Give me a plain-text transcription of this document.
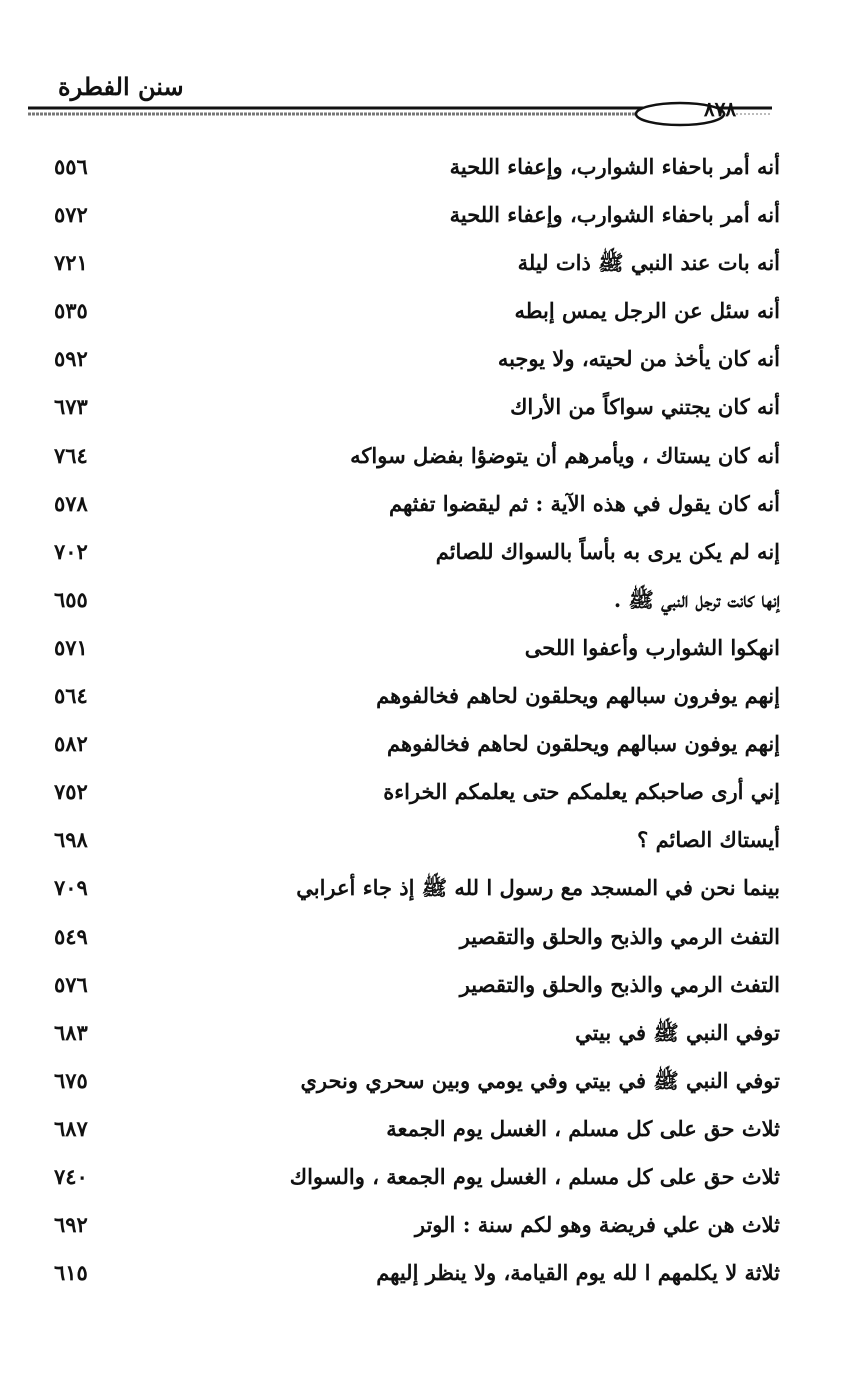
سنن الفطرة
٨٧٨
أنه أمر باحفاء الشوارب، وإعفاء اللحية
٥٥٦
أنه أمر باحفاء الشوارب، وإعفاء اللحية
٥٧٢
أنه بات عند النبي ﷺ ذات ليلة
٧٢١
أنه سئل عن الرجل يمس إبطه
٥٣٥
أنه كان يأخذ من لحيته، ولا يوجبه
٥٩٢
أنه كان يجتني سواكاً من الأراك
٦٧٣
أنه كان يستاك ، ويأمرهم أن يتوضؤا بفضل سواكه
٧٦٤
أنه كان يقول في هذه الآية : ثم ليقضوا تفثهم
٥٧٨
إنه لم يكن يرى به بأساً بالسواك للصائم
٧٠٢
إنها كانت ترجل النبي ﷺ .
٦٥٥
انهكوا الشوارب وأعفوا اللحى
٥٧١
إنهم يوفرون سبالهم ويحلقون لحاهم فخالفوهم
٥٦٤
إنهم يوفون سبالهم ويحلقون لحاهم فخالفوهم
٥٨٢
إني أرى صاحبكم يعلمكم حتى يعلمكم الخراءة
٧٥٢
أيستاك الصائم ؟
٦٩٨
بينما نحن في المسجد مع رسول ا لله ﷺ إذ جاء أعرابي
٧٠٩
التفث الرمي والذبح والحلق والتقصير
٥٤٩
التفث الرمي والذبح والحلق والتقصير
٥٧٦
توفي النبي ﷺ في بيتي
٦٨٣
توفي النبي ﷺ في بيتي وفي يومي وبين سحري ونحري
٦٧٥
ثلاث حق على كل مسلم ، الغسل يوم الجمعة
٦٨٧
ثلاث حق على كل مسلم ، الغسل يوم الجمعة ، والسواك
٧٤٠
ثلاث هن علي فريضة وهو لكم سنة : الوتر
٦٩٢
ثلاثة لا يكلمهم ا لله يوم القيامة، ولا ينظر إليهم
٦١٥
